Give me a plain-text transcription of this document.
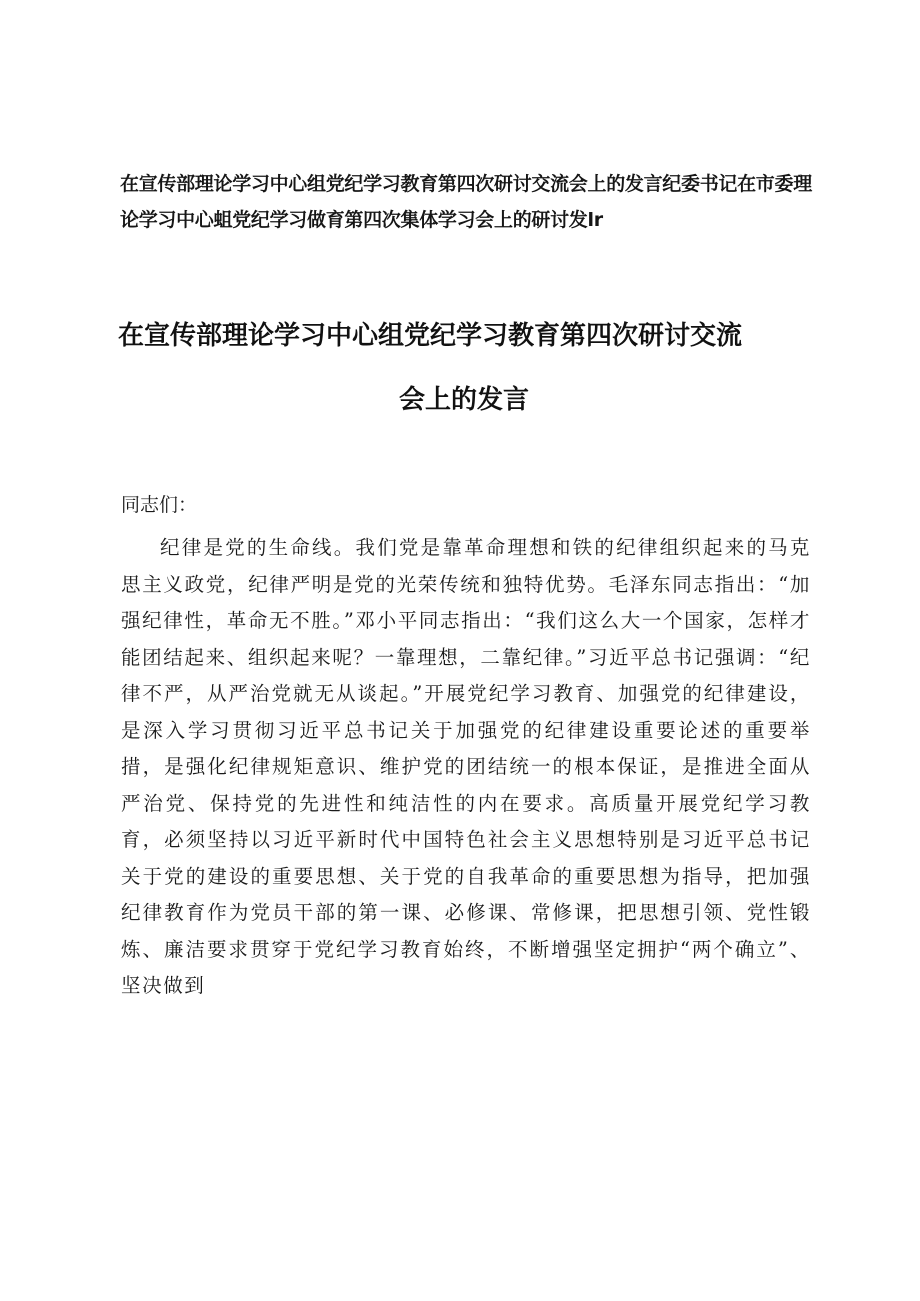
在宣传部理论学习中心组党纪学习教育第四次研讨交流会上的发言纪委书记在市委理论学习中心蛆党纪学习做育第四次集体学习会上的研讨发lr
在宣传部理论学习中心组党纪学习教育第四次研讨交流
会上的发言
同志们：
纪律是党的生命线。我们党是靠革命理想和铁的纪律组织起来的马克思主义政党，纪律严明是党的光荣传统和独特优势。毛泽东同志指出：“加强纪律性，革命无不胜。”邓小平同志指出：“我们这么大一个国家，怎样才能团结起来、组织起来呢？一靠理想，二靠纪律。”习近平总书记强调：“纪律不严，从严治党就无从谈起。”开展党纪学习教育、加强党的纪律建设，是深入学习贯彻习近平总书记关于加强党的纪律建设重要论述的重要举措，是强化纪律规矩意识、维护党的团结统一的根本保证，是推进全面从严治党、保持党的先进性和纯洁性的内在要求。高质量开展党纪学习教育，必须坚持以习近平新时代中国特色社会主义思想特别是习近平总书记关于党的建设的重要思想、关于党的自我革命的重要思想为指导，把加强纪律教育作为党员干部的第一课、必修课、常修课，把思想引领、党性锻炼、廉洁要求贯穿于党纪学习教育始终，不断增强坚定拥护“两个确立”、坚决做到
